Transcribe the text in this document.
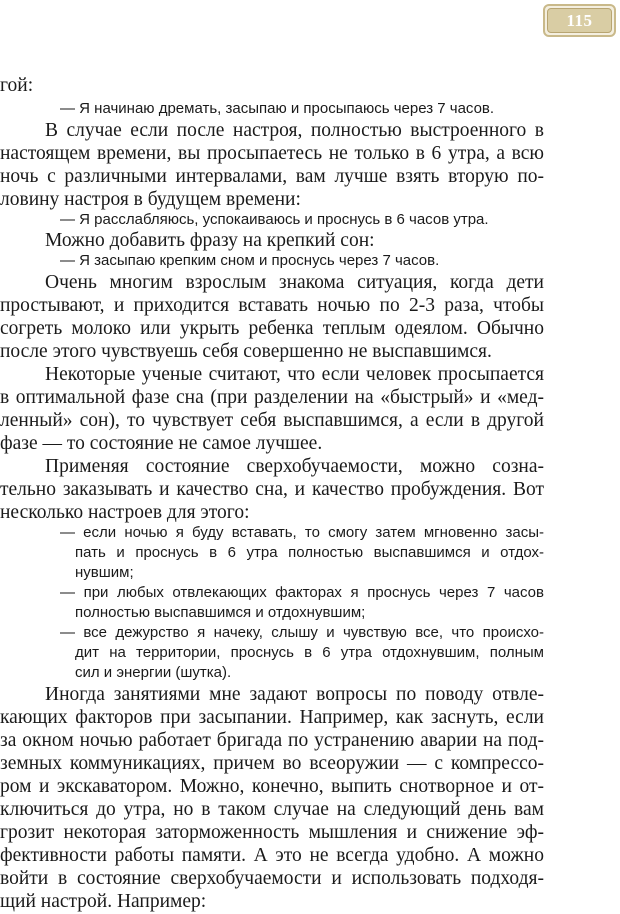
115
гой:
— Я начинаю дремать, засыпаю и просыпаюсь через 7 часов.
В случае если после настроя, полностью выстроенного в
настоящем времени, вы просыпаетесь не только в 6 утра, а всю
ночь с различными интервалами, вам лучше взять вторую по-
ловину настроя в будущем времени:
— Я расслабляюсь, успокаиваюсь и проснусь в 6 часов утра.
Можно добавить фразу на крепкий сон:
— Я засыпаю крепким сном и проснусь через 7 часов.
Очень многим взрослым знакома ситуация, когда дети
простывают, и приходится вставать ночью по 2-3 раза, чтобы
согреть молоко или укрыть ребенка теплым одеялом. Обычно
после этого чувствуешь себя совершенно не выспавшимся.
Некоторые ученые считают, что если человек просыпается
в оптимальной фазе сна (при разделении на «быстрый» и «мед-
ленный» сон), то чувствует себя выспавшимся, а если в другой
фазе — то состояние не самое лучшее.
Применяя состояние сверхобучаемости, можно созна-
тельно заказывать и качество сна, и качество пробуждения. Вот
несколько настроев для этого:
— если ночью я буду вставать, то смогу затем мгновенно засы-
пать и проснусь в 6 утра полностью выспавшимся и отдох-
нувшим;
— при любых отвлекающих факторах я проснусь через 7 часов
полностью выспавшимся и отдохнувшим;
— все дежурство я начеку, слышу и чувствую все, что происхо-
дит на территории, проснусь в 6 утра отдохнувшим, полным
сил и энергии (шутка).
Иногда занятиями мне задают вопросы по поводу отвле-
кающих факторов при засыпании. Например, как заснуть, если
за окном ночью работает бригада по устранению аварии на под-
земных коммуникациях, причем во всеоружии — с компрессо-
ром и экскаватором. Можно, конечно, выпить снотворное и от-
ключиться до утра, но в таком случае на следующий день вам
грозит некоторая заторможенность мышления и снижение эф-
фективности работы памяти. А это не всегда удобно. А можно
войти в состояние сверхобучаемости и использовать подходя-
щий настрой. Например:
